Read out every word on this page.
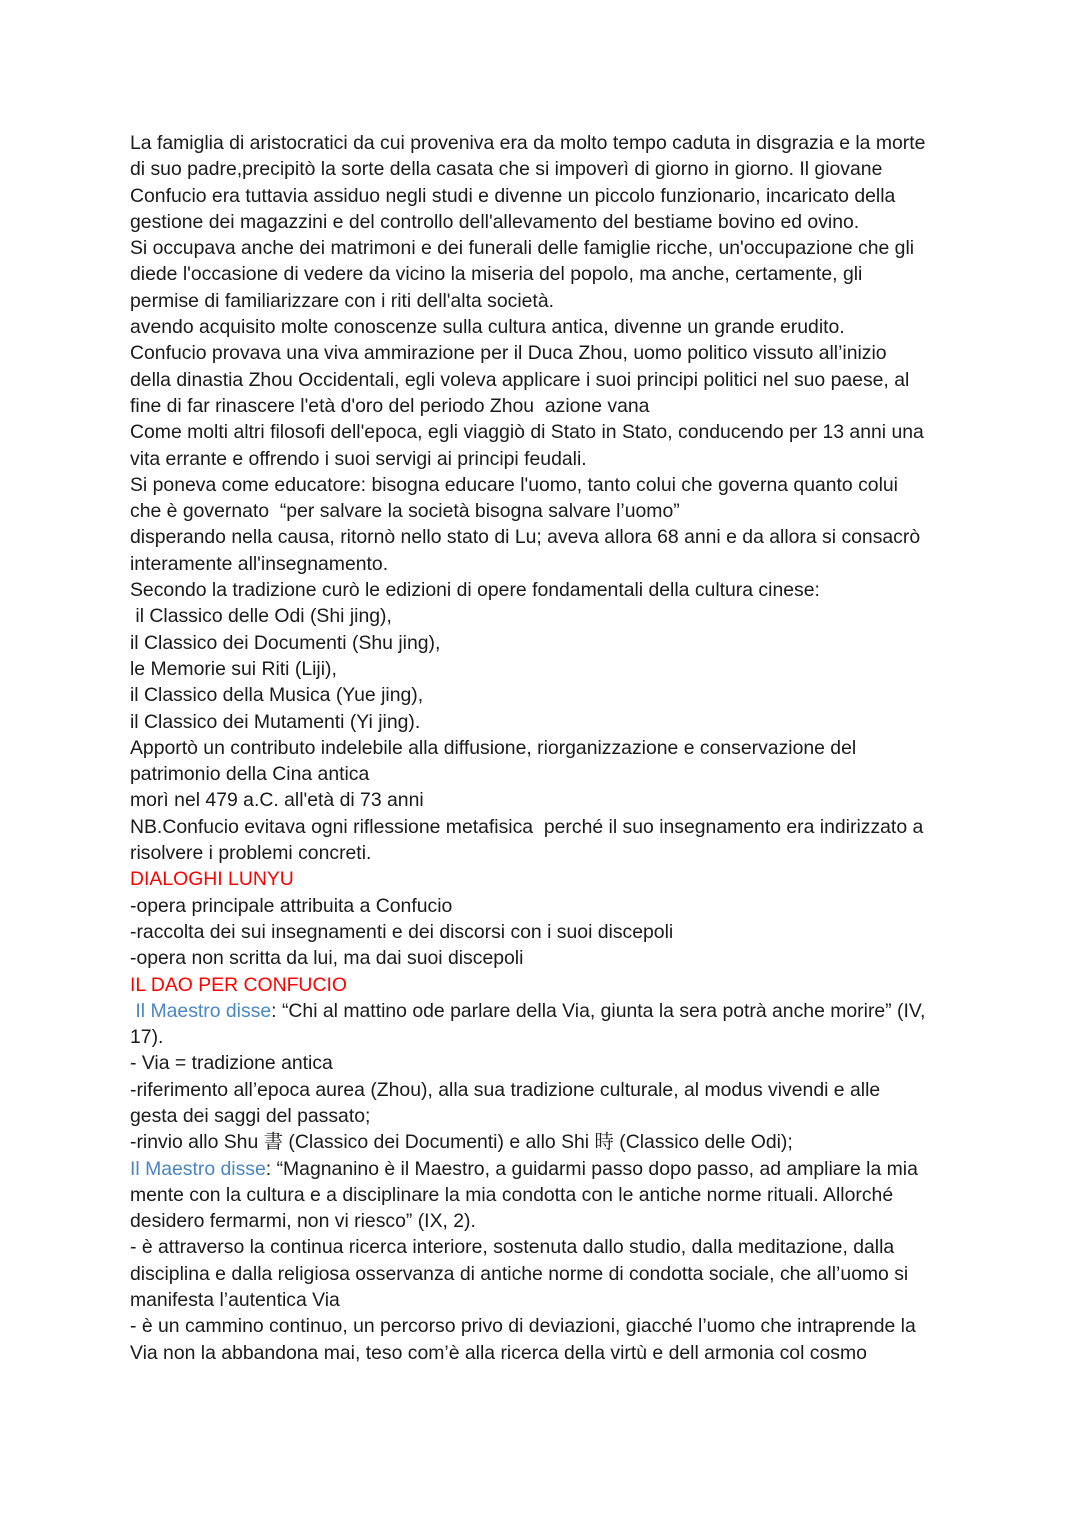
La famiglia di aristocratici da cui proveniva era da molto tempo caduta in disgrazia e la morte
di suo padre,precipitò la sorte della casata che si impoverì di giorno in giorno. Il giovane
Confucio era tuttavia assiduo negli studi e divenne un piccolo funzionario, incaricato della
gestione dei magazzini e del controllo dell'allevamento del bestiame bovino ed ovino.
Si occupava anche dei matrimoni e dei funerali delle famiglie ricche, un'occupazione che gli
diede l'occasione di vedere da vicino la miseria del popolo, ma anche, certamente, gli
permise di familiarizzare con i riti dell'alta società.
avendo acquisito molte conoscenze sulla cultura antica, divenne un grande erudito.
Confucio provava una viva ammirazione per il Duca Zhou, uomo politico vissuto all’inizio
della dinastia Zhou Occidentali, egli voleva applicare i suoi principi politici nel suo paese, al
fine di far rinascere l'età d'oro del periodo Zhou  azione vana
Come molti altri filosofi dell'epoca, egli viaggiò di Stato in Stato, conducendo per 13 anni una
vita errante e offrendo i suoi servigi ai principi feudali.
Si poneva come educatore: bisogna educare l'uomo, tanto colui che governa quanto colui
che è governato  “per salvare la società bisogna salvare l’uomo”
disperando nella causa, ritornò nello stato di Lu; aveva allora 68 anni e da allora si consacrò
interamente all'insegnamento.
Secondo la tradizione curò le edizioni di opere fondamentali della cultura cinese:
il Classico delle Odi (Shi jing),
il Classico dei Documenti (Shu jing),
le Memorie sui Riti (Liji),
il Classico della Musica (Yue jing),
il Classico dei Mutamenti (Yi jing).
Apportò un contributo indelebile alla diffusione, riorganizzazione e conservazione del
patrimonio della Cina antica
morì nel 479 a.C. all'età di 73 anni
NB.Confucio evitava ogni riflessione metafisica  perché il suo insegnamento era indirizzato a
risolvere i problemi concreti.
DIALOGHI LUNYU
-opera principale attribuita a Confucio
-raccolta dei sui insegnamenti e dei discorsi con i suoi discepoli
-opera non scritta da lui, ma dai suoi discepoli
IL DAO PER CONFUCIO
Il Maestro disse: “Chi al mattino ode parlare della Via, giunta la sera potrà anche morire” (IV,
17).
- Via = tradizione antica
-riferimento all’epoca aurea (Zhou), alla sua tradizione culturale, al modus vivendi e alle
gesta dei saggi del passato;
-rinvio allo Shu 書 (Classico dei Documenti) e allo Shi 時 (Classico delle Odi);
Il Maestro disse: “Magnanino è il Maestro, a guidarmi passo dopo passo, ad ampliare la mia
mente con la cultura e a disciplinare la mia condotta con le antiche norme rituali. Allorché
desidero fermarmi, non vi riesco” (IX, 2).
- è attraverso la continua ricerca interiore, sostenuta dallo studio, dalla meditazione, dalla
disciplina e dalla religiosa osservanza di antiche norme di condotta sociale, che all’uomo si
manifesta l’autentica Via
- è un cammino continuo, un percorso privo di deviazioni, giacché l’uomo che intraprende la
Via non la abbandona mai, teso com’è alla ricerca della virtù e dell armonia col cosmo
